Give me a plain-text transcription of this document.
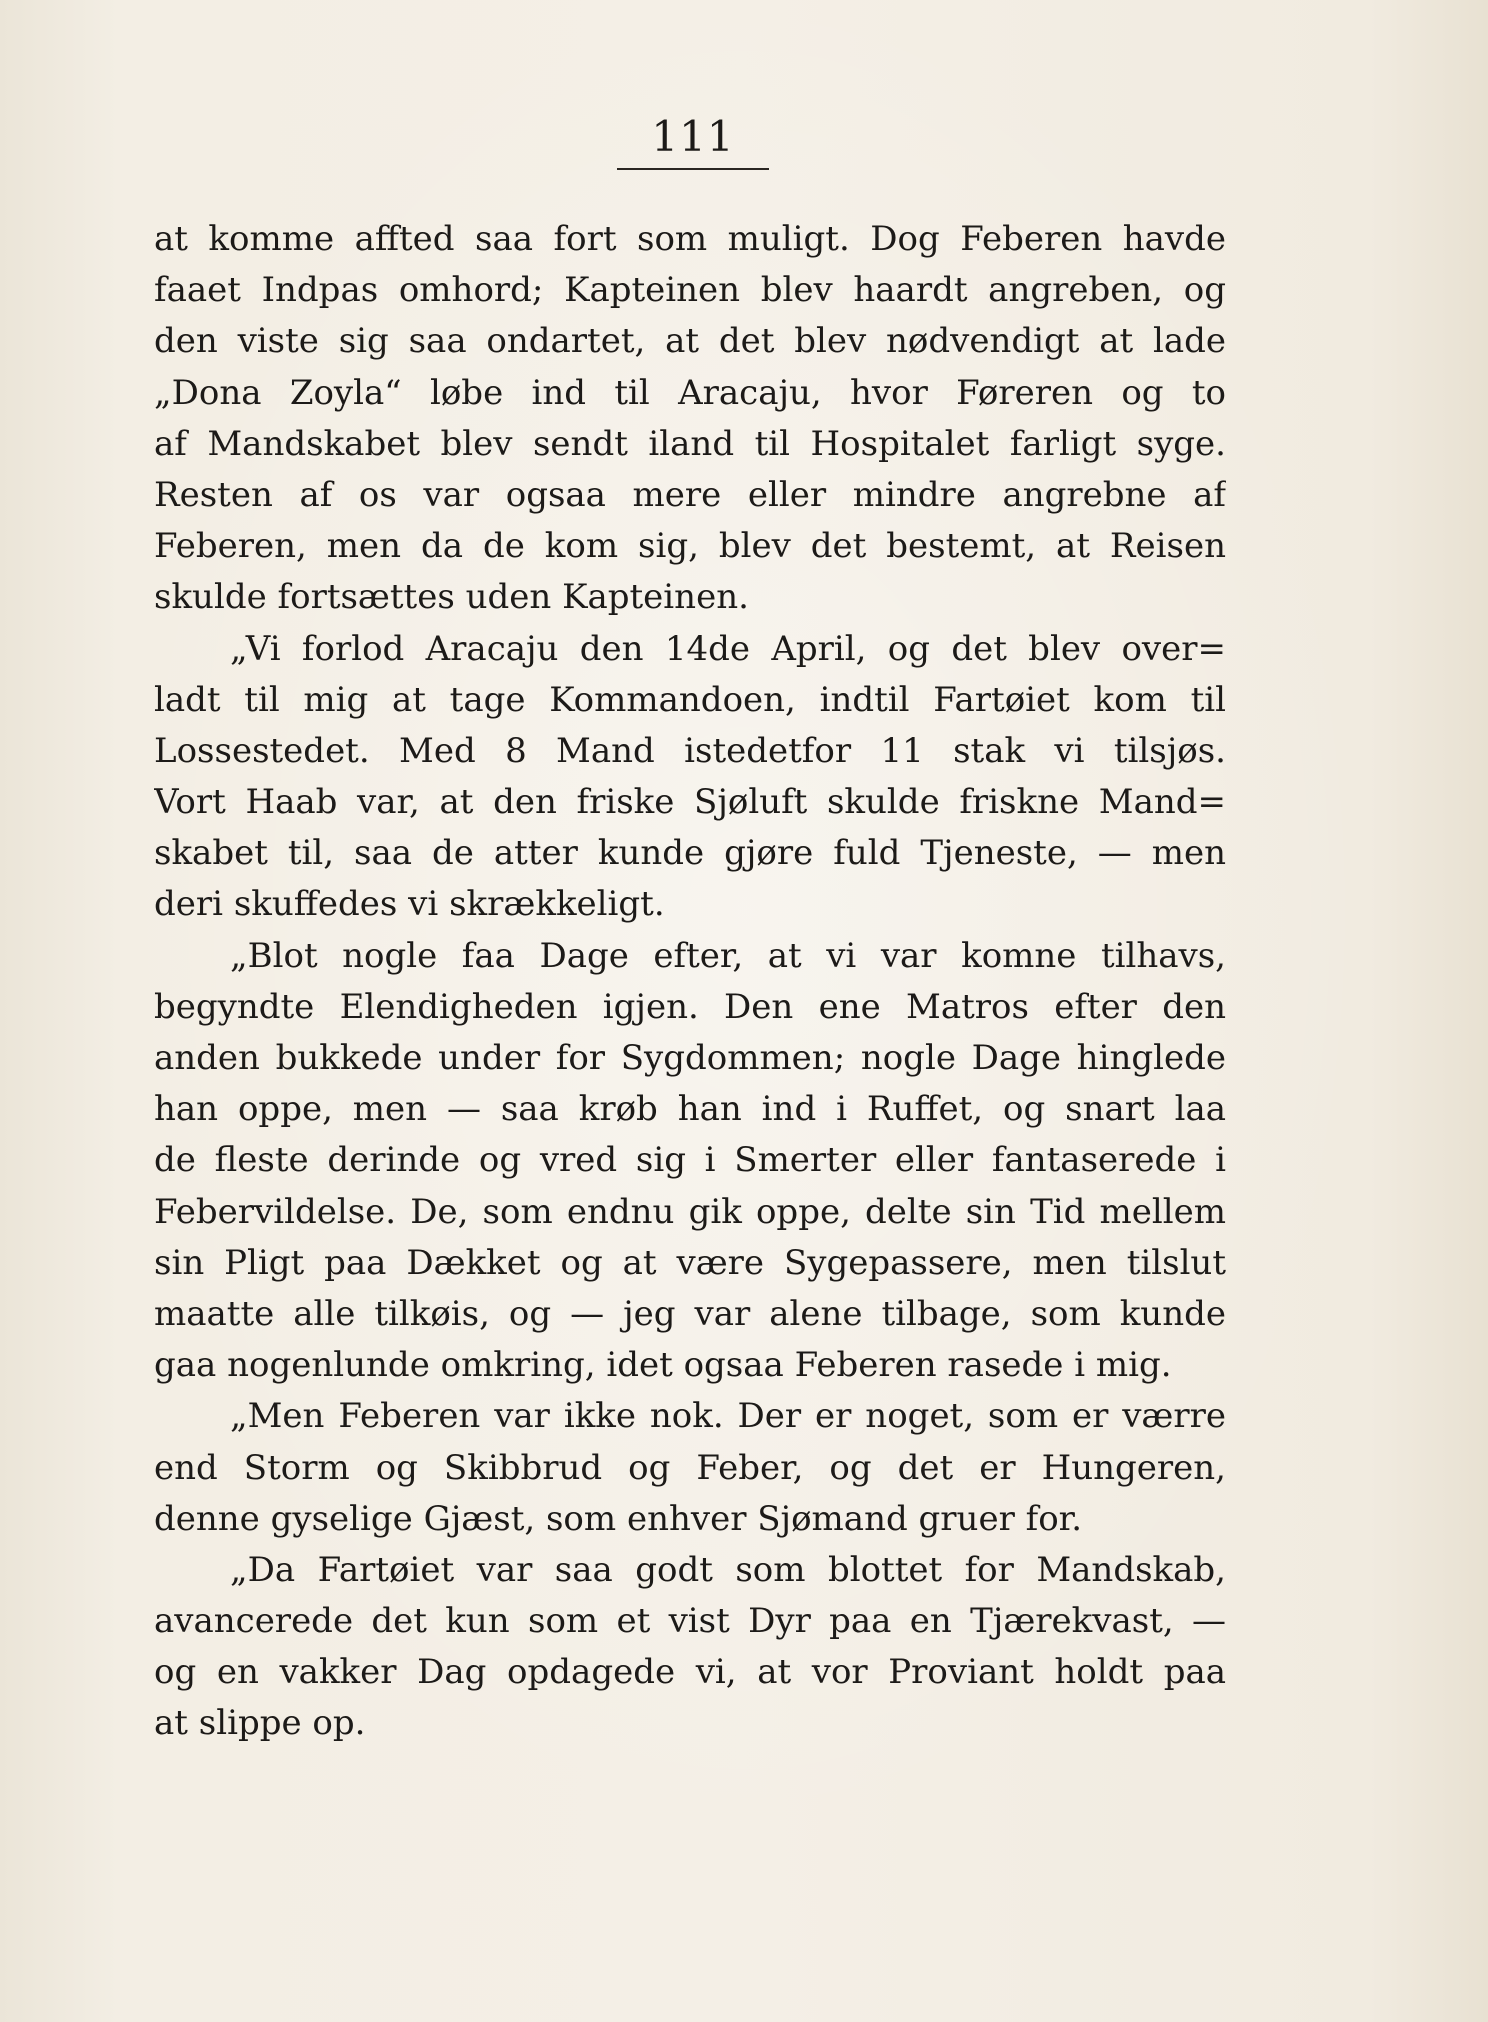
111
at komme affted saa fort som muligt. Dog Feberen havde
faaet Indpas omhord; Kapteinen blev haardt angreben, og
den viste sig saa ondartet, at det blev nødvendigt at lade
„Dona Zoyla“ løbe ind til Aracaju, hvor Føreren og to
af Mandskabet blev sendt iland til Hospitalet farligt syge.
Resten af os var ogsaa mere eller mindre angrebne af
Feberen, men da de kom sig, blev det bestemt, at Reisen
skulde fortsættes uden Kapteinen.
„Vi forlod Aracaju den 14de April, og det blev over=
ladt til mig at tage Kommandoen, indtil Fartøiet kom til
Lossestedet. Med 8 Mand istedetfor 11 stak vi tilsjøs.
Vort Haab var, at den friske Sjøluft skulde friskne Mand=
skabet til, saa de atter kunde gjøre fuld Tjeneste, — men
deri skuffedes vi skrækkeligt.
„Blot nogle faa Dage efter, at vi var komne tilhavs,
begyndte Elendigheden igjen. Den ene Matros efter den
anden bukkede under for Sygdommen; nogle Dage hinglede
han oppe, men — saa krøb han ind i Ruffet, og snart laa
de fleste derinde og vred sig i Smerter eller fantaserede i
Febervildelse. De, som endnu gik oppe, delte sin Tid mellem
sin Pligt paa Dækket og at være Sygepassere, men tilslut
maatte alle tilkøis, og — jeg var alene tilbage, som kunde
gaa nogenlunde omkring, idet ogsaa Feberen rasede i mig.
„Men Feberen var ikke nok. Der er noget, som er værre
end Storm og Skibbrud og Feber, og det er Hungeren,
denne gyselige Gjæst, som enhver Sjømand gruer for.
„Da Fartøiet var saa godt som blottet for Mandskab,
avancerede det kun som et vist Dyr paa en Tjærekvast, —
og en vakker Dag opdagede vi, at vor Proviant holdt paa
at slippe op.
